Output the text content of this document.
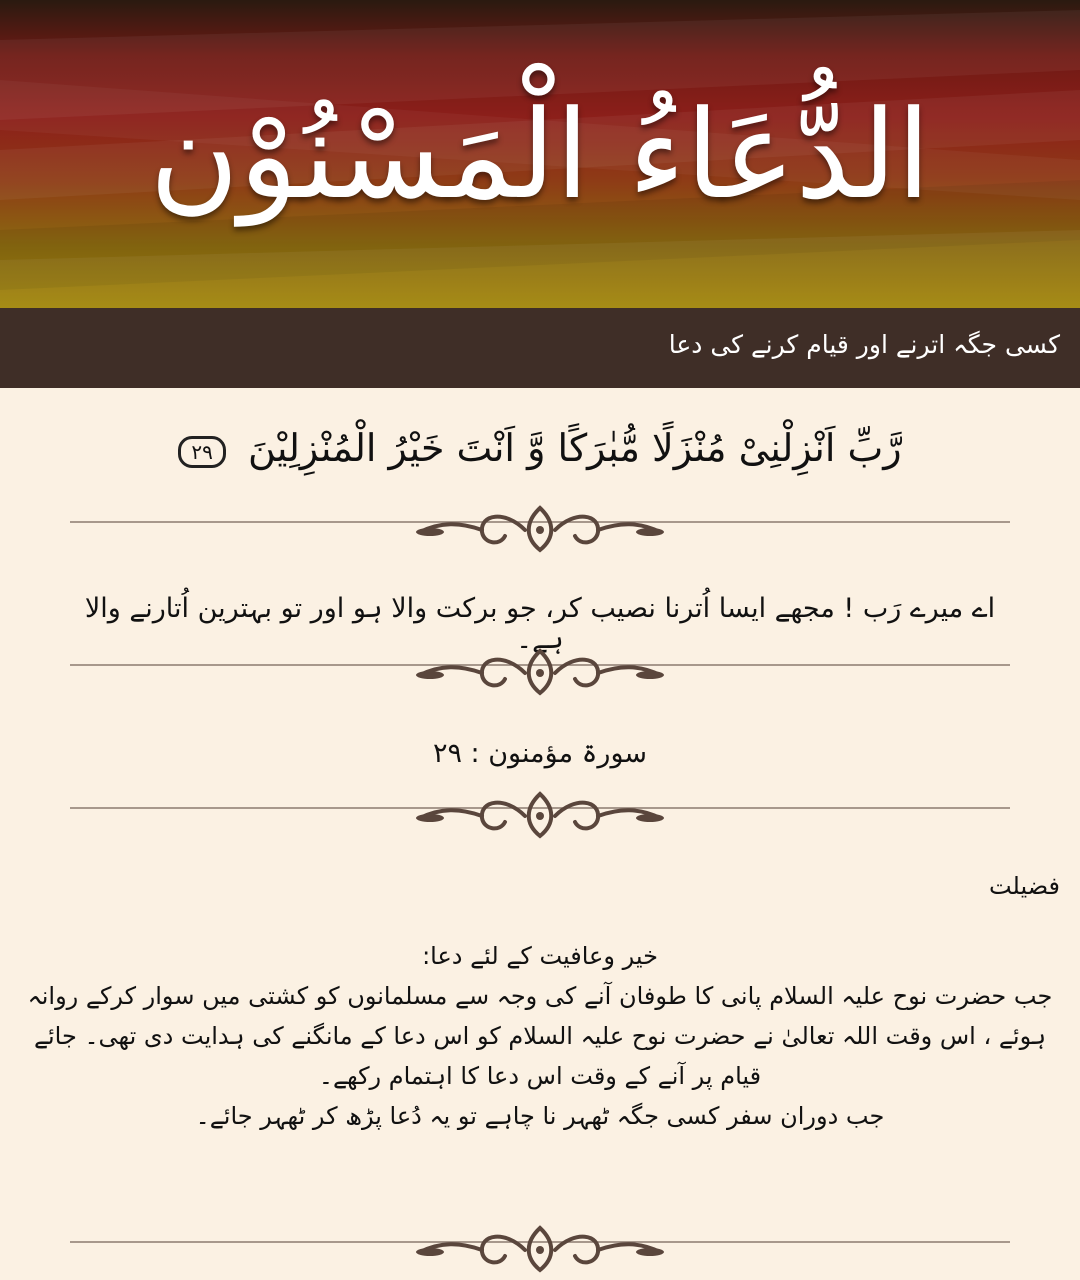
الدُّعَاءُ الْمَسْنُوْن
کسی جگہ اترنے اور قیام کرنے کی دعا
رَّبِّ اَنْزِلْنِیْ مُنْزَلًا مُّبٰرَكًا وَّ اَنْتَ خَیْرُ الْمُنْزِلِیْنَ ۲۹
اے میرے رَب ! مجھے ایسا اُترنا نصیب کر، جو برکت والا ہو اور تو بہترین اُتارنے والا ہے۔
سورۃ مؤمنون : ۲۹
فضیلت

خیر وعافیت کے لئے دعا:

جب حضرت نوح علیہ السلام پانی کا طوفان آنے کی وجہ سے مسلمانوں کو کشتی میں سوار کرکے روانہ ہوئے ، اس وقت اللہ تعالیٰ نے حضرت نوح علیہ السلام کو اس دعا کے مانگنے کی ہدایت دی تھی۔ جائے قیام پر آنے کے وقت اس دعا کا اہتمام رکھے۔

جب دوران سفر کسی جگہ ٹھہر نا چاہے تو یہ دُعا پڑھ کر ٹھہر جائے۔
